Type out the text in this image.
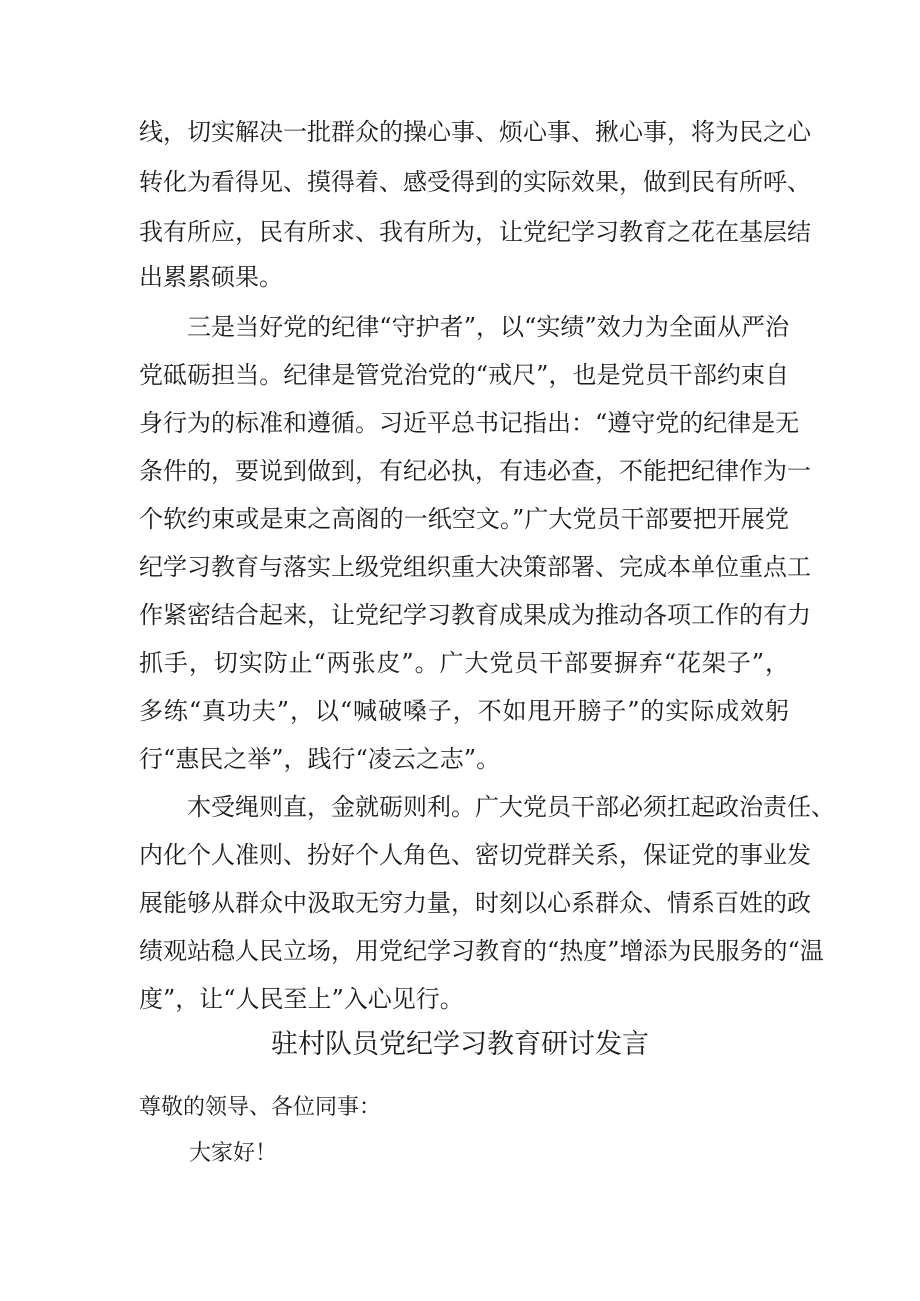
线，切实解决一批群众的操心事、烦心事、揪心事，将为民之心
转化为看得见、摸得着、感受得到的实际效果，做到民有所呼、
我有所应，民有所求、我有所为，让党纪学习教育之花在基层结
出累累硕果。
三是当好党的纪律“守护者”，以“实绩”效力为全面从严治
党砥砺担当。纪律是管党治党的“戒尺”，也是党员干部约束自
身行为的标准和遵循。习近平总书记指出：“遵守党的纪律是无
条件的，要说到做到，有纪必执，有违必查，不能把纪律作为一
个软约束或是束之高阁的一纸空文。”广大党员干部要把开展党
纪学习教育与落实上级党组织重大决策部署、完成本单位重点工
作紧密结合起来，让党纪学习教育成果成为推动各项工作的有力
抓手，切实防止“两张皮”。广大党员干部要摒弃“花架子”，
多练“真功夫”，以“喊破嗓子，不如甩开膀子”的实际成效躬
行“惠民之举”，践行“凌云之志”。
木受绳则直，金就砺则利。广大党员干部必须扛起政治责任、
内化个人准则、扮好个人角色、密切党群关系，保证党的事业发
展能够从群众中汲取无穷力量，时刻以心系群众、情系百姓的政
绩观站稳人民立场，用党纪学习教育的“热度”增添为民服务的“温
度”，让“人民至上”入心见行。
驻村队员党纪学习教育研讨发言
尊敬的领导、各位同事：
大家好！
